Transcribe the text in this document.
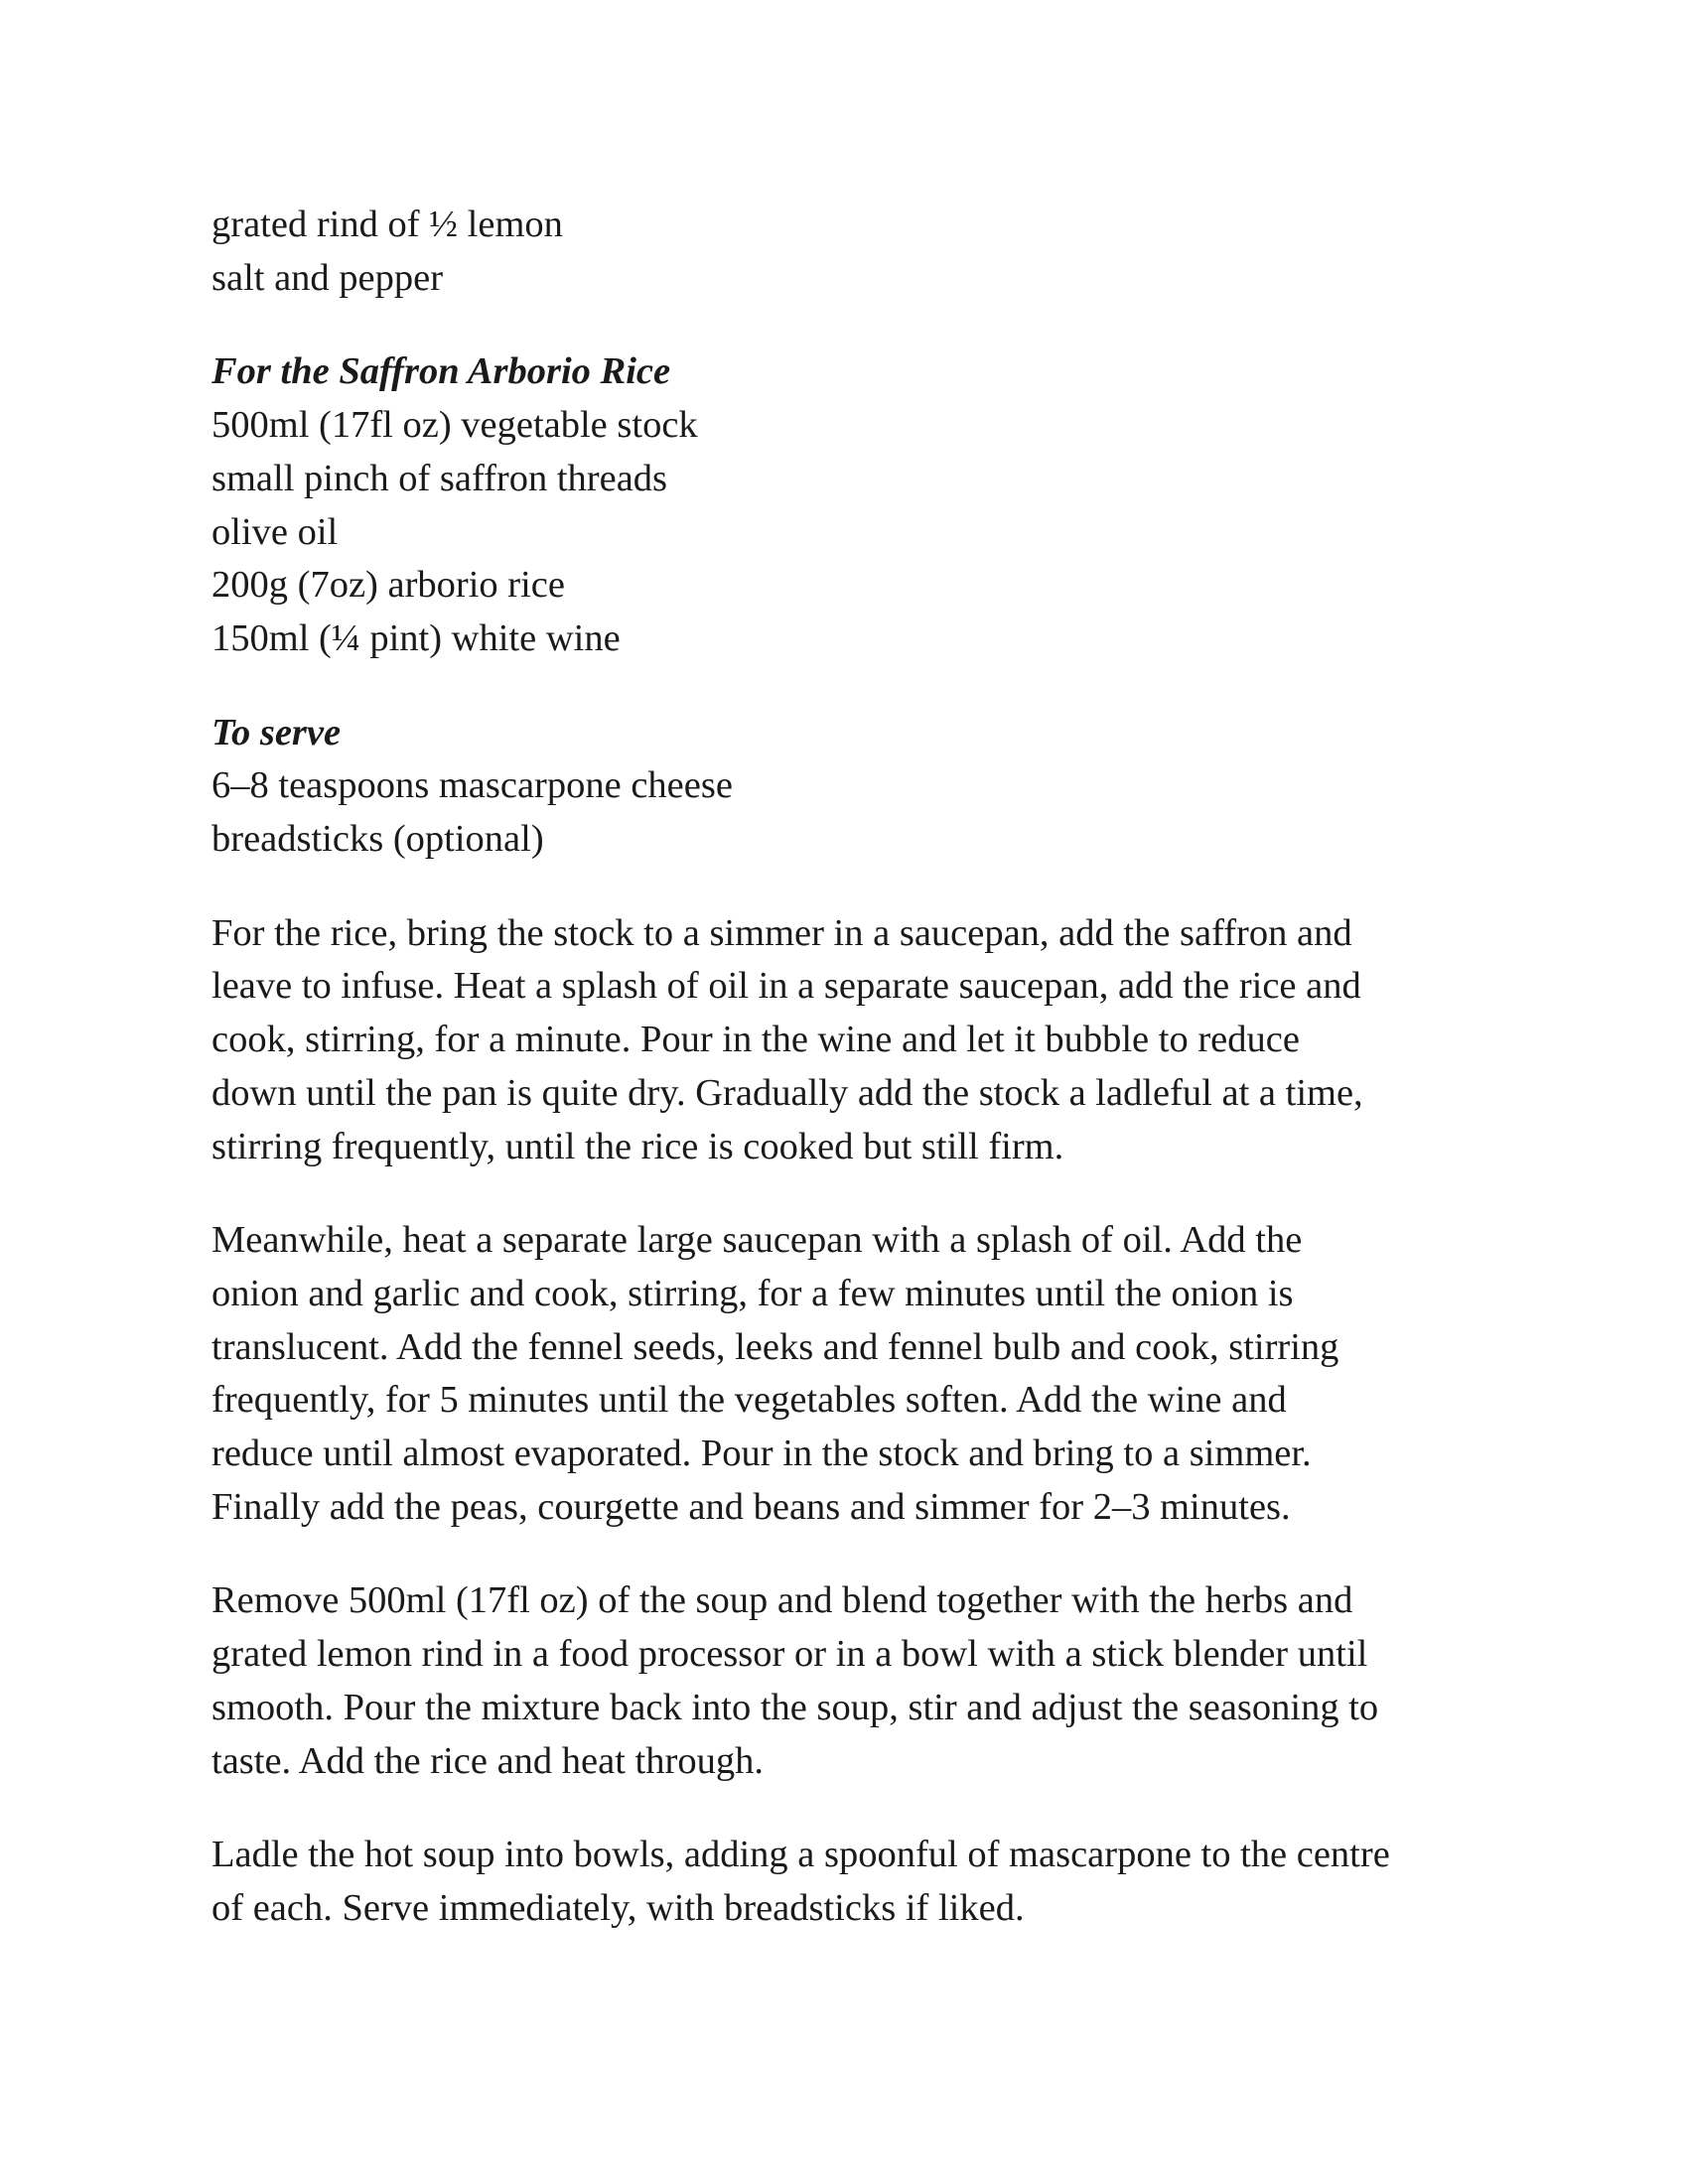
grated rind of ½ lemon
salt and pepper
For the Saffron Arborio Rice
500ml (17fl oz) vegetable stock
small pinch of saffron threads
olive oil
200g (7oz) arborio rice
150ml (¼ pint) white wine
To serve
6–8 teaspoons mascarpone cheese
breadsticks (optional)
For the rice, bring the stock to a simmer in a saucepan, add the saffron and
leave to infuse. Heat a splash of oil in a separate saucepan, add the rice and
cook, stirring, for a minute. Pour in the wine and let it bubble to reduce
down until the pan is quite dry. Gradually add the stock a ladleful at a time,
stirring frequently, until the rice is cooked but still firm.
Meanwhile, heat a separate large saucepan with a splash of oil. Add the
onion and garlic and cook, stirring, for a few minutes until the onion is
translucent. Add the fennel seeds, leeks and fennel bulb and cook, stirring
frequently, for 5 minutes until the vegetables soften. Add the wine and
reduce until almost evaporated. Pour in the stock and bring to a simmer.
Finally add the peas, courgette and beans and simmer for 2–3 minutes.
Remove 500ml (17fl oz) of the soup and blend together with the herbs and
grated lemon rind in a food processor or in a bowl with a stick blender until
smooth. Pour the mixture back into the soup, stir and adjust the seasoning to
taste. Add the rice and heat through.
Ladle the hot soup into bowls, adding a spoonful of mascarpone to the centre
of each. Serve immediately, with breadsticks if liked.
